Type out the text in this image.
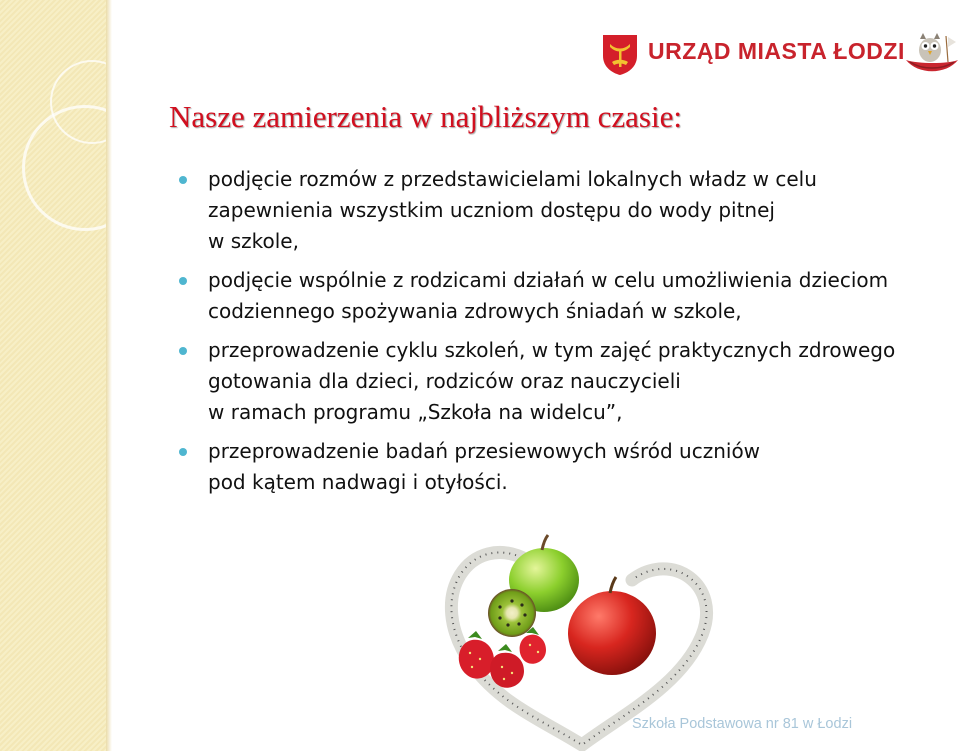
URZĄD MIASTA ŁODZI
Nasze zamierzenia w najbliższym czasie:
podjęcie rozmów z przedstawicielami lokalnych władz w celu
zapewnienia wszystkim uczniom dostępu do wody pitnej
w szkole,
podjęcie wspólnie z rodzicami działań w celu umożliwienia dzieciom
codziennego spożywania zdrowych śniadań w szkole,
przeprowadzenie cyklu szkoleń, w tym zajęć praktycznych zdrowego
gotowania dla dzieci, rodziców oraz nauczycieli
w ramach programu „Szkoła na widelcu”,
przeprowadzenie badań przesiewowych wśród uczniów
pod kątem nadwagi i otyłości.
Szkoła Podstawowa nr 81 w Łodzi
